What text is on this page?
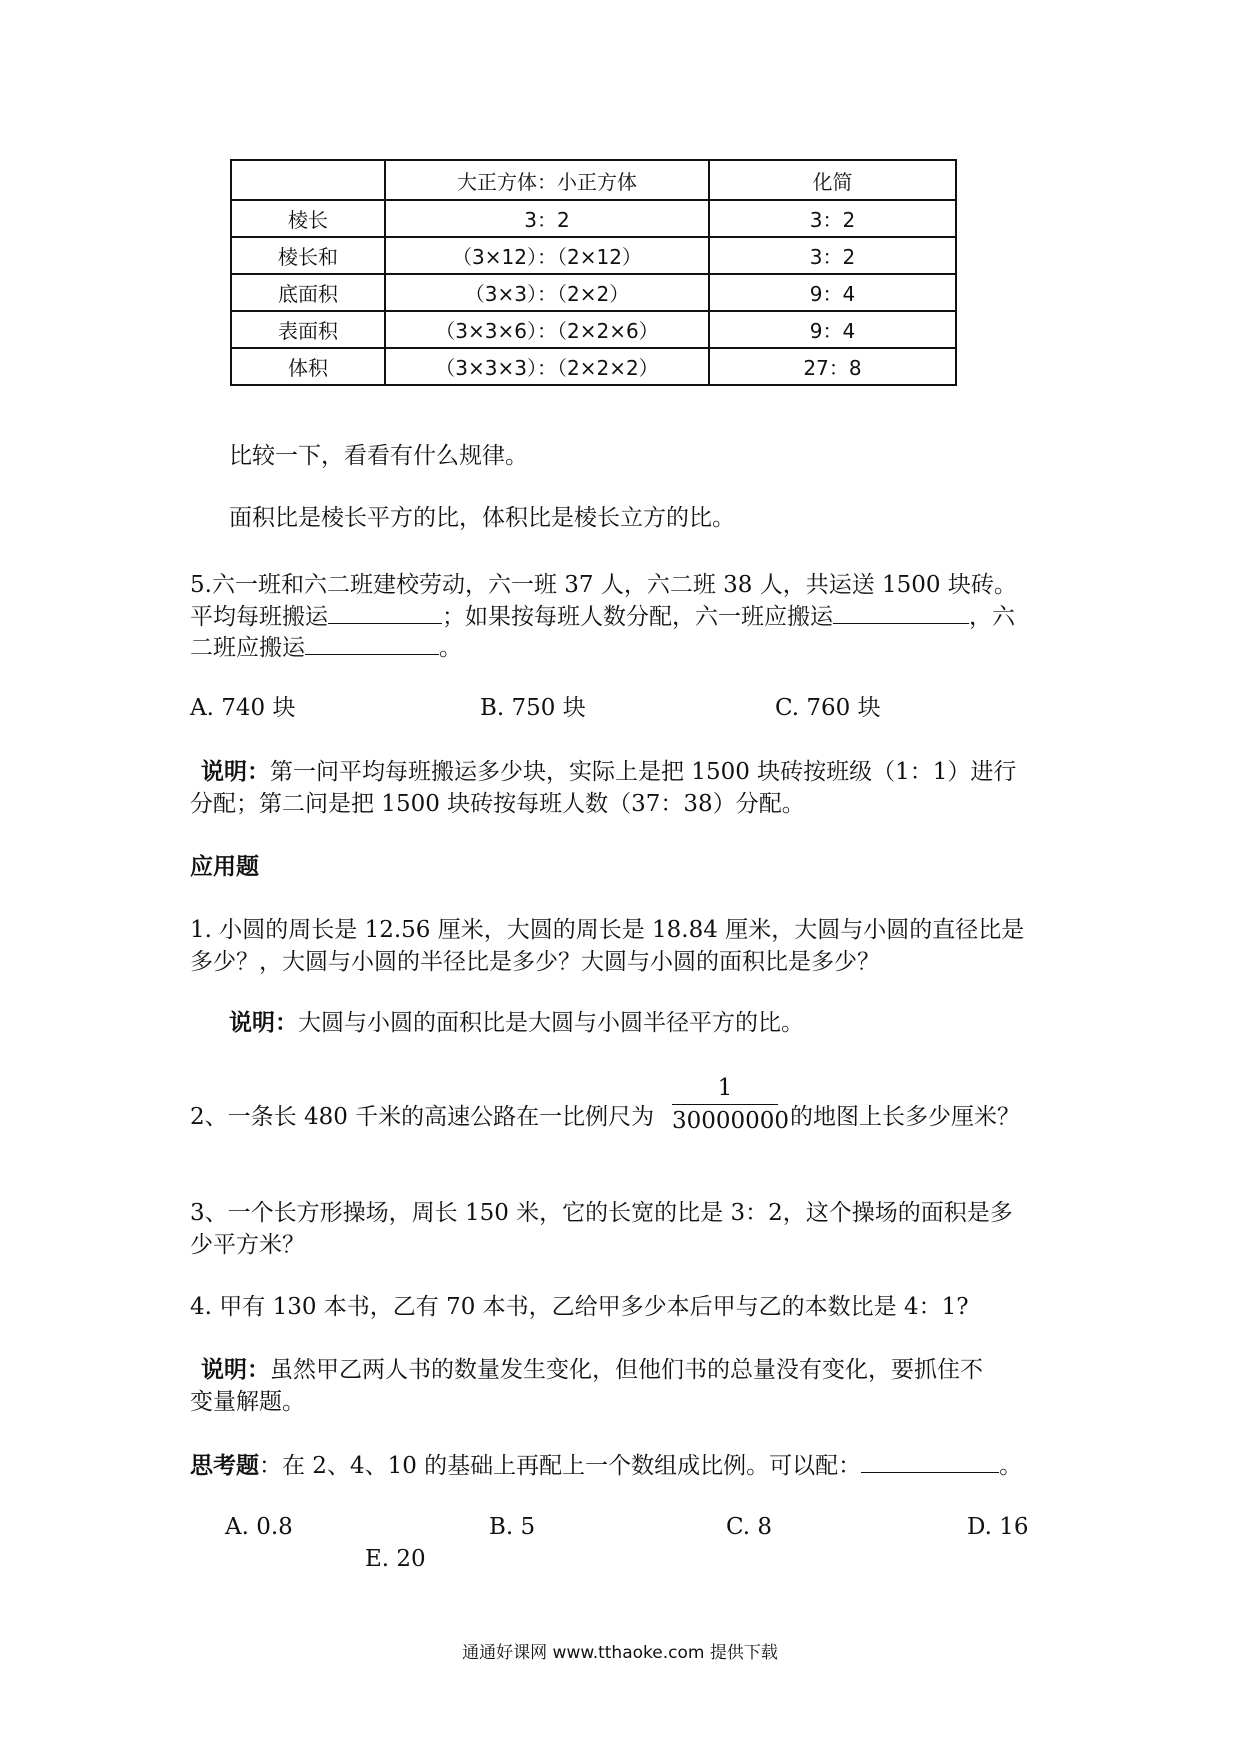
	大正方体：小正方体	化简
棱长	3：2	3：2
棱长和	（3×12）：（2×12）	3：2
底面积	（3×3）：（2×2）	9：4
表面积	（3×3×6）：（2×2×6）	9：4
体积	（3×3×3）：（2×2×2）	27：8
比较一下，看看有什么规律。
面积比是棱长平方的比，体积比是棱长立方的比。
5.六一班和六二班建校劳动，六一班 37 人，六二班 38 人，共运送 1500 块砖。
平均每班搬运	；如果按每班人数分配，六一班应搬运	，六
二班应搬运	。
A. 740 块	B. 750 块	C. 760 块
说明：第一问平均每班搬运多少块，实际上是把 1500 块砖按班级（1：1）进行
分配；第二问是把 1500 块砖按每班人数（37：38）分配。
应用题
1. 小圆的周长是 12.56 厘米，大圆的周长是 18.84 厘米，大圆与小圆的直径比是
多少？，大圆与小圆的半径比是多少？大圆与小圆的面积比是多少？
说明：大圆与小圆的面积比是大圆与小圆半径平方的比。
2、一条长 480 千米的高速公路在一比例尺为
1
30000000 的地图上长多少厘米？
3、一个长方形操场，周长 150 米，它的长宽的比是 3：2，这个操场的面积是多
少平方米？
4. 甲有 130 本书，乙有 70 本书，乙给甲多少本后甲与乙的本数比是 4：1?
说明：虽然甲乙两人书的数量发生变化，但他们书的总量没有变化，要抓住不
变量解题。
思考题：在 2、4、10 的基础上再配上一个数组成比例。可以配：	。
A. 0.8	B. 5	C. 8	D. 16
E. 20
通通好课网 www.tthaoke.com 提供下载
